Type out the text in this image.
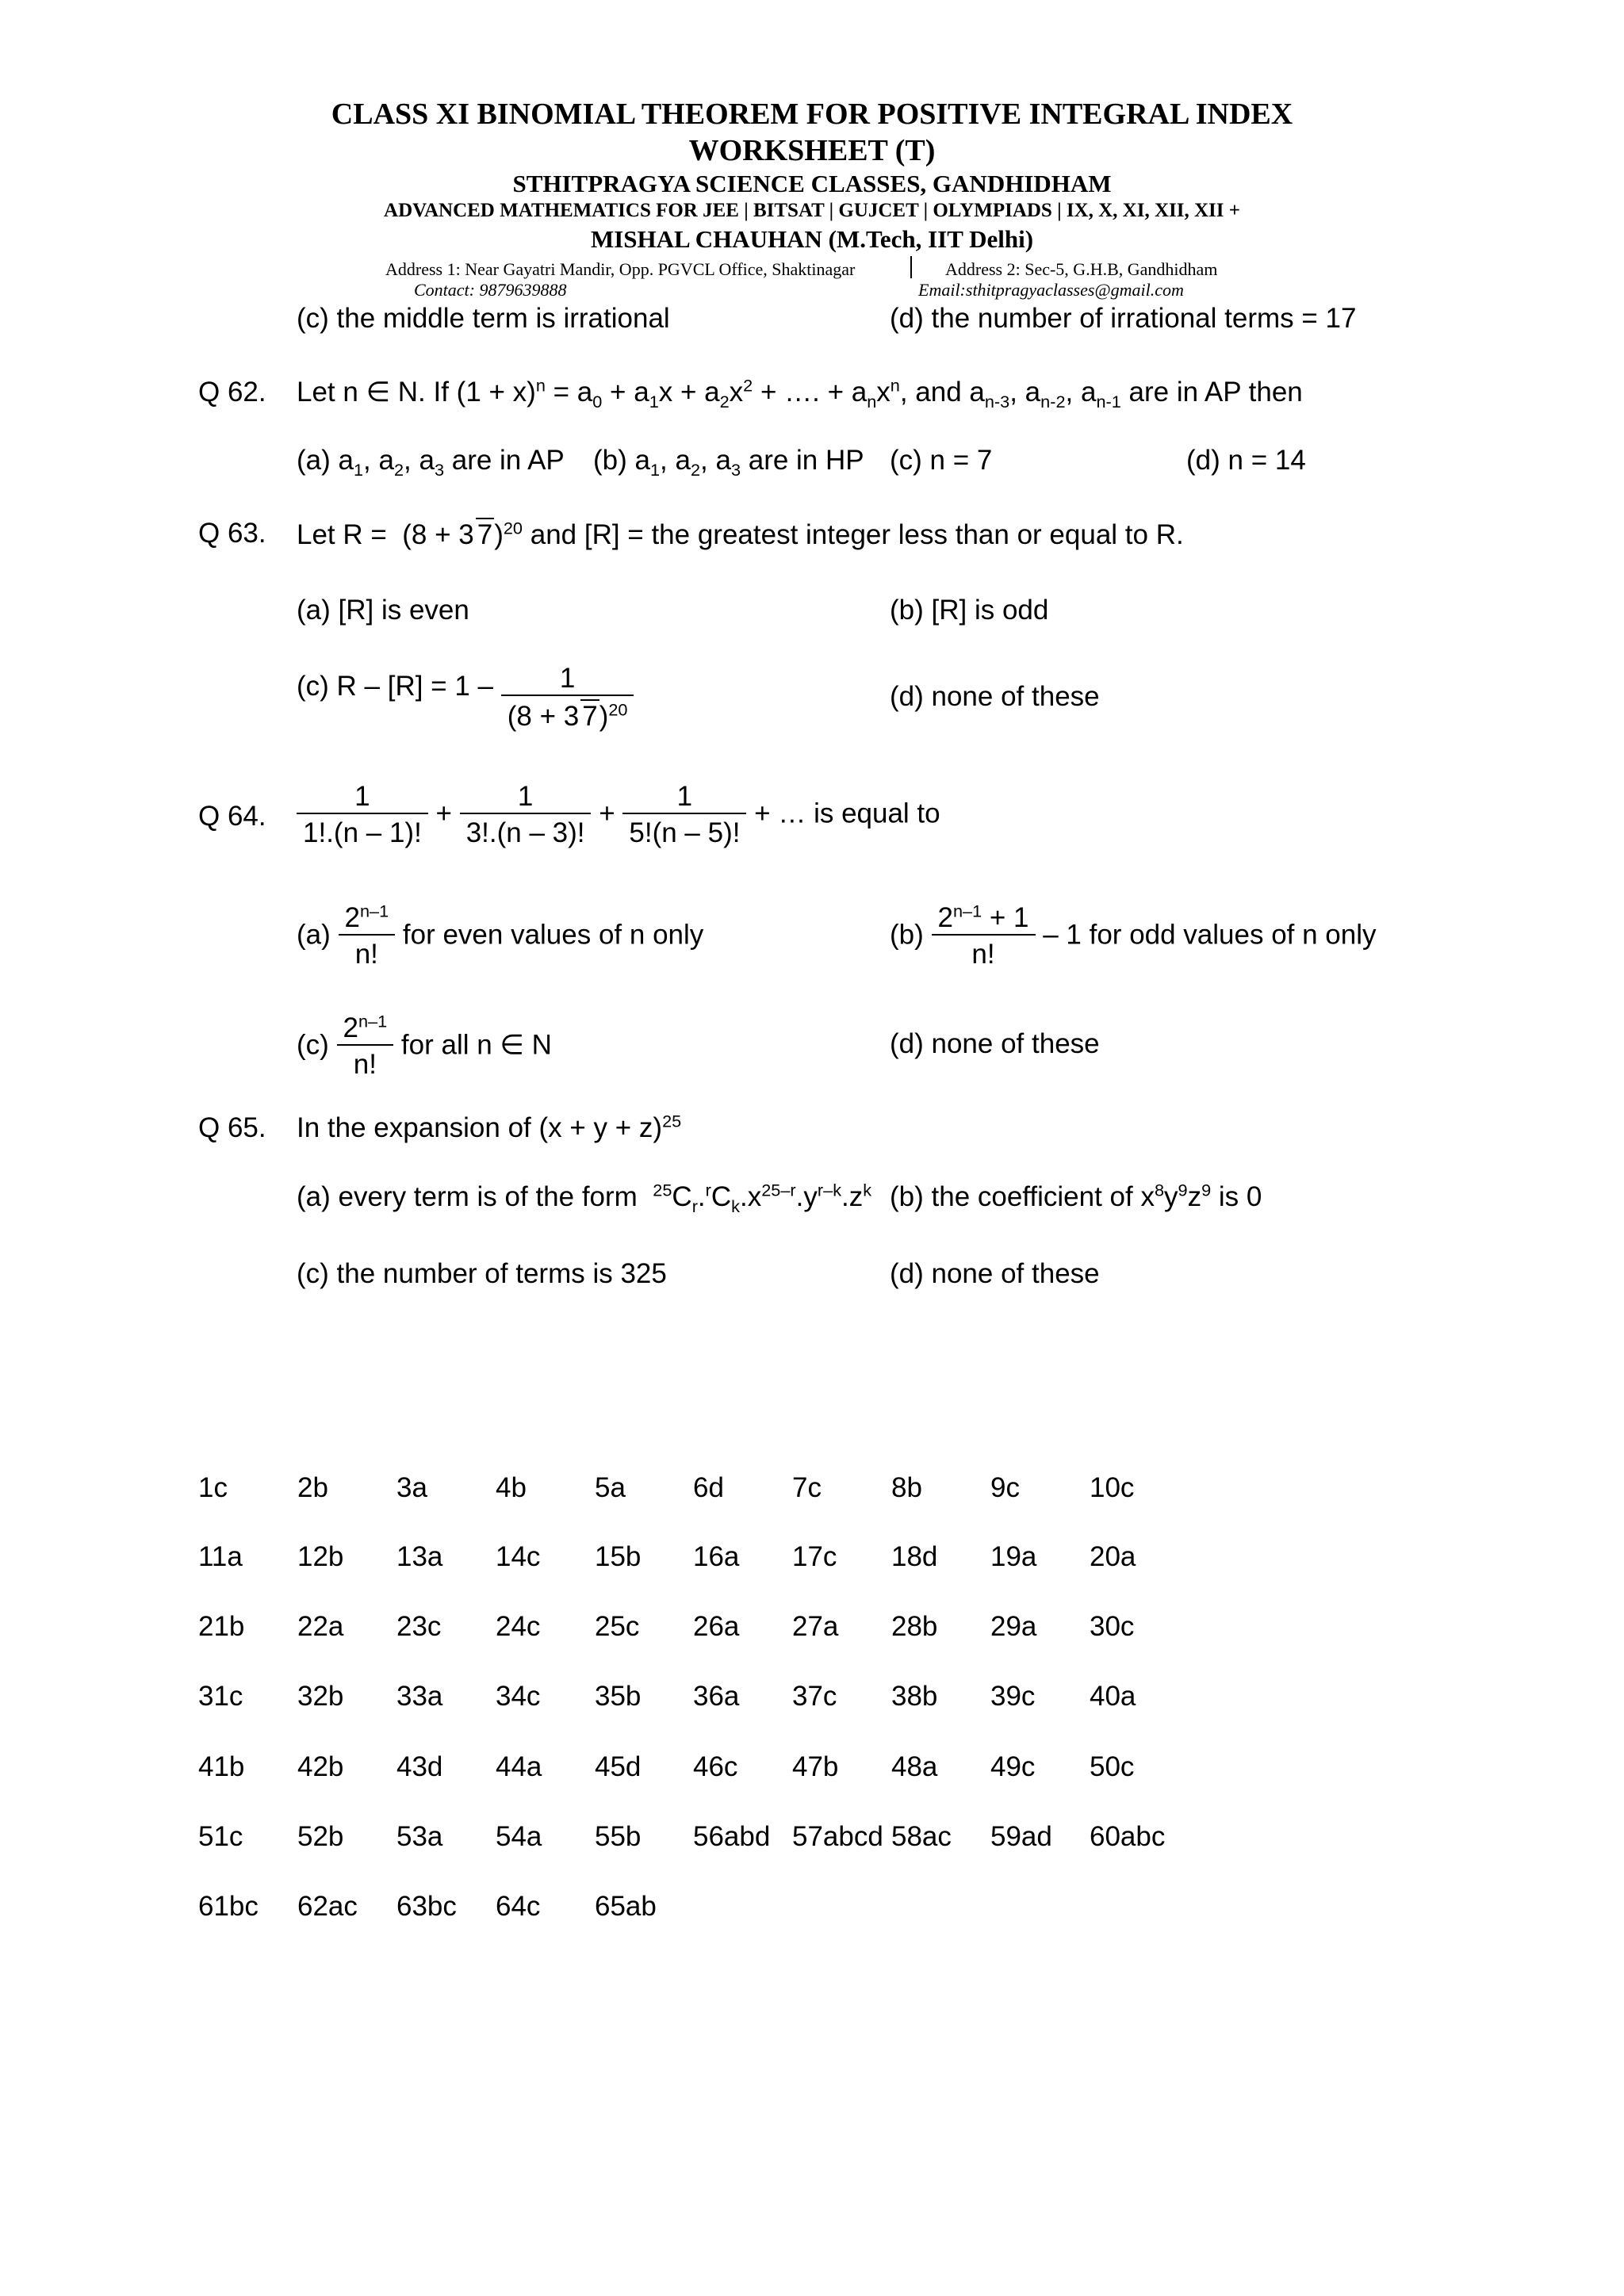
CLASS XI BINOMIAL THEOREM FOR POSITIVE INTEGRAL INDEX
WORKSHEET (T)
STHITPRAGYA SCIENCE CLASSES, GANDHIDHAM
ADVANCED MATHEMATICS FOR JEE | BITSAT | GUJCET | OLYMPIADS | IX, X, XI, XII, XII +
MISHAL CHAUHAN (M.Tech, IIT Delhi)
Address 1: Near Gayatri Mandir, Opp. PGVCL Office, Shaktinagar	Address 2: Sec-5, G.H.B, Gandhidham
Contact: 9879639888	Email:sthitpragyaclasses@gmail.com
(c) the middle term is irrational	(d) the number of irrational terms = 17
Q 62. Let n ∈ N. If $(1 + x)^n = a_0 + a_1x + a_2x^2$ + …. + $a_nx^n$, and $a_{n-3}$, $a_{n-2}$, $a_{n-1}$ are in AP then
(a) $a_1$, $a_2$, $a_3$ are in AP (b) $a_1$, $a_2$, $a_3$ are in HP (c) n = 7	(d) n = 14
Q 63. Let R =  (8 + 3 7)$^{20}$ and [R] = the greatest integer less than or equal to R.
(a) [R] is even	(b) [R] is odd
(c) $R - [R] = 1 - \frac{1}{(8 + 3 7)^{20}}$	(d) none of these
Q 64. $\frac{1}{1!.(n - 1)!} + \frac{1}{3!.(n - 3)!} + \frac{1}{5!(n - 5)!}$ + … is equal to
$(a) \frac{2^{n-1}}{n!}$ for even values of n only	$(b) \frac{2^{n-1} + 1}{n!} - 1$ for odd values of n only
$(c) \frac{2^{n-1}}{n!}$ for all n ∈ N	(d) none of these
Q 65. In the expansion of $(x + y + z)^{25}$
(a) every term is of the form  $^{25}C_r.^rC_k.x^{25-r}.y^{r-k}.z^k$ (b) the coefficient of $x^8y^9z^9$ is 0
(c) the number of terms is 325	(d) none of these
1c	2b 3a 4b 5a 6d 7c	8b 9c	10c
11a 12b 13a 14c 15b 16a 17c 18d 19a 20a
21b 22a 23c 24c 25c 26a 27a 28b 29a 30c
31c 32b 33a 34c 35b 36a 37c 38b 39c 40a
41b 42b 43d 44a 45d 46c 47b 48a 49c 50c
51c 52b 53a 54a 55b 56abd 57abcd 58ac 59ad 60abc
61bc 62ac 63bc 64c 65ab
